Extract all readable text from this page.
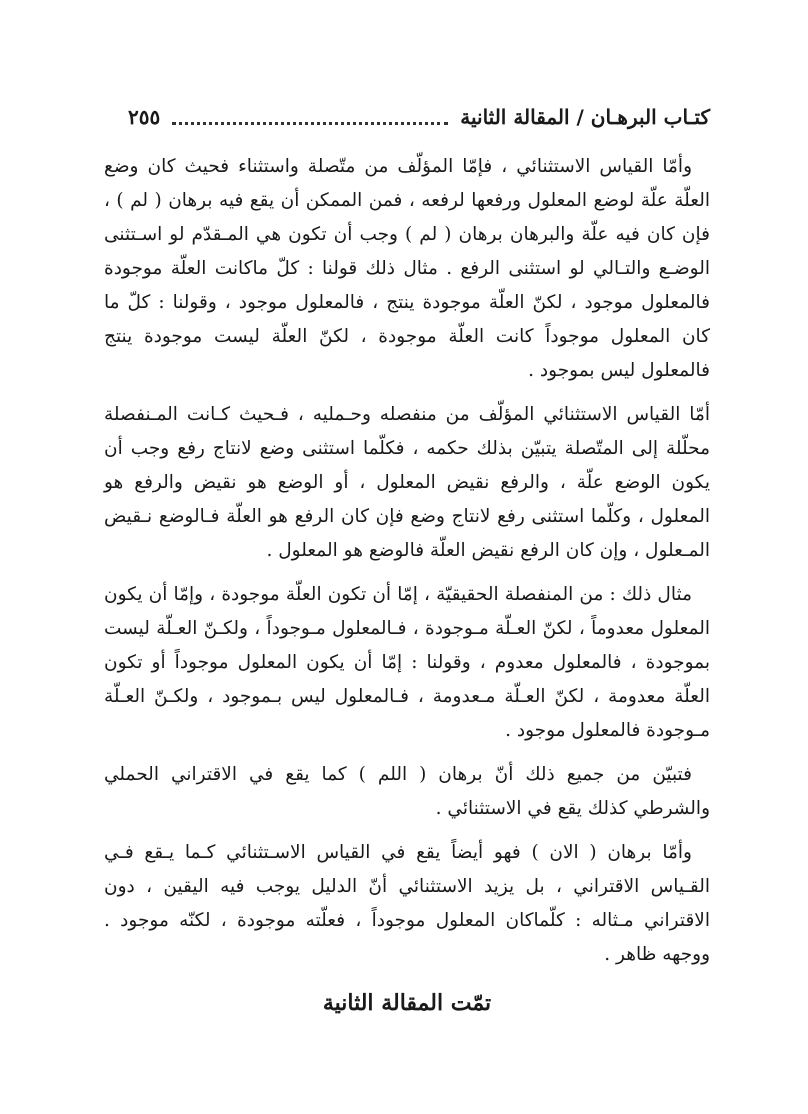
كتـاب البرهـان / المقالة الثانية
٢٥٥

وأمّا القياس الاستثنائي ، فإمّا المؤلّف من متّصلة واستثناء فحيث كان وضع العلّة علّة لوضع المعلول ورفعها لرفعه ، فمن الممكن أن يقع فيه برهان ( لم ) ، فإن كان فيه علّة والبرهان برهان ( لم ) وجب أن تكون هي المـقدّم لو اسـتثنى الوضـع والتـالي لو استثنى الرفع . مثال ذلك قولنا : كلّ ماكانت العلّة موجودة فالمعلول موجود ، لكنّ العلّة موجودة ينتج ، فالمعلول موجود ، وقولنا : كلّ ما كان المعلول موجوداً كانت العلّة موجودة ، لكنّ العلّة ليست موجودة ينتج فالمعلول ليس بموجود .

أمّا القياس الاستثنائي المؤلّف من منفصله وحـمليه ، فـحيث كـانت المـنفصلة محلّلة إلى المتّصلة يتبيّن بذلك حكمه ، فكلّما استثنى وضع لانتاج رفع وجب أن يكون الوضع علّة ، والرفع نقيض المعلول ، أو الوضع هو نقيض والرفع هو المعلول ، وكلّما استثنى رفع لانتاج وضع فإن كان الرفع هو العلّة فـالوضع نـقيض المـعلول ، وإن كان الرفع نقيض العلّة فالوضع هو المعلول .

مثال ذلك : من المنفصلة الحقيقيّة ، إمّا أن تكون العلّة موجودة ، وإمّا أن يكون المعلول معدوماً ، لكنّ العـلّة مـوجودة ، فـالمعلول مـوجوداً ، ولكـنّ العـلّة ليست بموجودة ، فالمعلول معدوم ، وقولنا : إمّا أن يكون المعلول موجوداً أو تكون العلّة معدومة ، لكنّ العـلّة مـعدومة ، فـالمعلول ليس بـموجود ، ولكـنّ العـلّة مـوجودة فالمعلول موجود .

فتبيّن من جميع ذلك أنّ برهان ( اللم ) كما يقع في الاقتراني الحملي والشرطي كذلك يقع في الاستثنائي .

وأمّا برهان ( الان ) فهو أيضاً يقع في القياس الاسـتثنائي كـما يـقع فـي القـياس الاقتراني ، بل يزيد الاستثنائي أنّ الدليل يوجب فيه اليقين ، دون الاقتراني مـثاله : كلّماكان المعلول موجوداً ، فعلّته موجودة ، لكنّه موجود . ووجهه ظاهر .

تمّت المقالة الثانية
